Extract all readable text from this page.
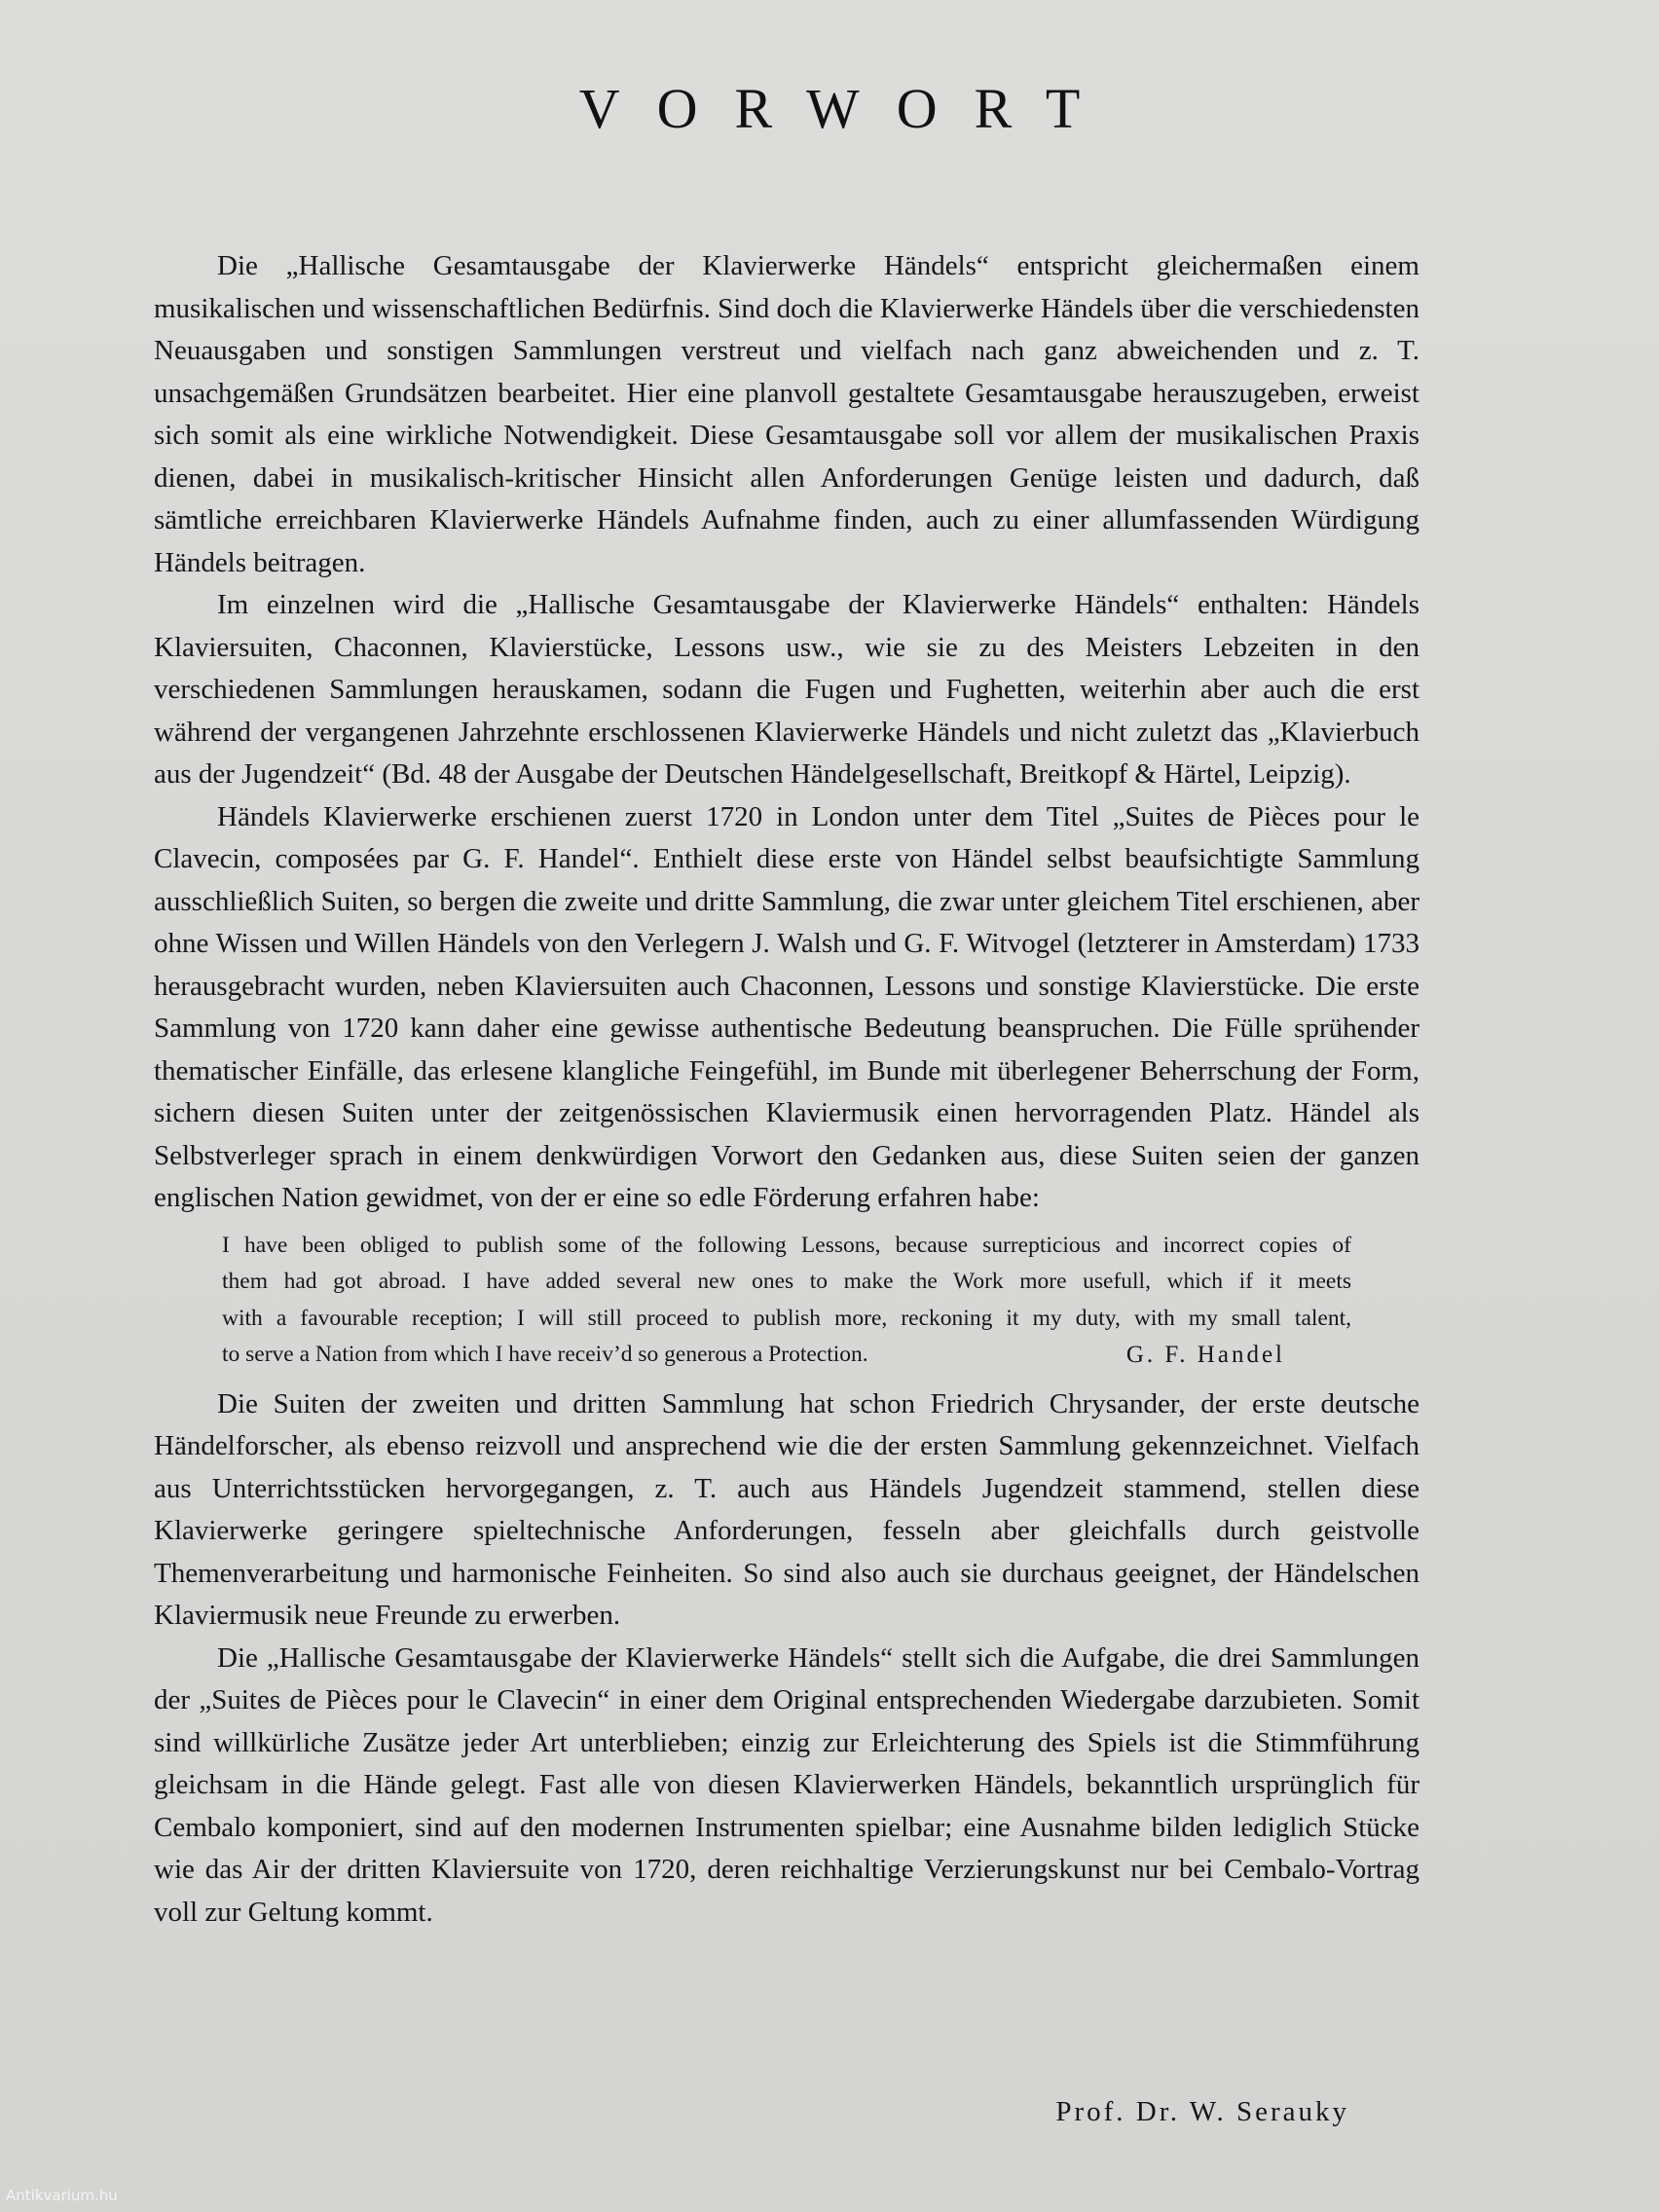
VORWORT

Die „Hallische Gesamtausgabe der Klavierwerke Händels“ entspricht gleichermaßen einem musikalischen und wissenschaftlichen Bedürfnis. Sind doch die Klavierwerke Händels über die verschiedensten Neuausgaben und sonstigen Sammlungen verstreut und vielfach nach ganz abweichenden und z. T. unsachgemäßen Grundsätzen bearbeitet. Hier eine planvoll gestaltete Gesamtausgabe herauszugeben, erweist sich somit als eine wirkliche Notwendigkeit. Diese Gesamtausgabe soll vor allem der musikalischen Praxis dienen, dabei in musikalisch-kritischer Hinsicht allen Anforderungen Genüge leisten und dadurch, daß sämtliche erreichbaren Klavierwerke Händels Aufnahme finden, auch zu einer allumfassenden Würdigung Händels beitragen.

Im einzelnen wird die „Hallische Gesamtausgabe der Klavierwerke Händels“ enthalten: Händels Klaviersuiten, Chaconnen, Klavierstücke, Lessons usw., wie sie zu des Meisters Lebzeiten in den verschiedenen Sammlungen herauskamen, sodann die Fugen und Fughetten, weiterhin aber auch die erst während der vergangenen Jahrzehnte erschlossenen Klavierwerke Händels und nicht zuletzt das „Klavierbuch aus der Jugendzeit“ (Bd. 48 der Ausgabe der Deutschen Händelgesellschaft, Breitkopf & Härtel, Leipzig).

Händels Klavierwerke erschienen zuerst 1720 in London unter dem Titel „Suites de Pièces pour le Clavecin, composées par G. F. Handel“. Enthielt diese erste von Händel selbst beaufsichtigte Sammlung ausschließlich Suiten, so bergen die zweite und dritte Sammlung, die zwar unter gleichem Titel erschienen, aber ohne Wissen und Willen Händels von den Verlegern J. Walsh und G. F. Witvogel (letzterer in Amsterdam) 1733 herausgebracht wurden, neben Klaviersuiten auch Chaconnen, Lessons und sonstige Klavierstücke. Die erste Sammlung von 1720 kann daher eine gewisse authentische Bedeutung beanspruchen. Die Fülle sprühender thematischer Einfälle, das erlesene klangliche Feingefühl, im Bunde mit überlegener Beherrschung der Form, sichern diesen Suiten unter der zeitgenössischen Klaviermusik einen hervorragenden Platz. Händel als Selbstverleger sprach in einem denkwürdigen Vorwort den Gedanken aus, diese Suiten seien der ganzen englischen Nation gewidmet, von der er eine so edle Förderung erfahren habe:

I have been obliged to publish some of the following Lessons, because surrepticious and incorrect copies of

them had got abroad. I have added several new ones to make the Work more usefull, which if it meets

with a favourable reception; I will still proceed to publish more, reckoning it my duty, with my small talent,

to serve a Nation from which I have receiv’d so generous a Protection.	G. F. Handel

Die Suiten der zweiten und dritten Sammlung hat schon Friedrich Chrysander, der erste deutsche Händelforscher, als ebenso reizvoll und ansprechend wie die der ersten Sammlung gekennzeichnet. Vielfach aus Unterrichtsstücken hervorgegangen, z. T. auch aus Händels Jugendzeit stammend, stellen diese Klavierwerke geringere spieltechnische Anforderungen, fesseln aber gleichfalls durch geistvolle Themenverarbeitung und harmonische Feinheiten. So sind also auch sie durchaus geeignet, der Händelschen Klaviermusik neue Freunde zu erwerben.

Die „Hallische Gesamtausgabe der Klavierwerke Händels“ stellt sich die Aufgabe, die drei Sammlungen der „Suites de Pièces pour le Clavecin“ in einer dem Original entsprechenden Wiedergabe darzubieten. Somit sind willkürliche Zusätze jeder Art unterblieben; einzig zur Erleichterung des Spiels ist die Stimmführung gleichsam in die Hände gelegt. Fast alle von diesen Klavierwerken Händels, bekanntlich ursprünglich für Cembalo komponiert, sind auf den modernen Instrumenten spielbar; eine Ausnahme bilden lediglich Stücke wie das Air der dritten Klaviersuite von 1720, deren reichhaltige Verzierungskunst nur bei Cembalo-Vortrag voll zur Geltung kommt.

Prof. Dr. W. Serauky

Antikvarium.hu
